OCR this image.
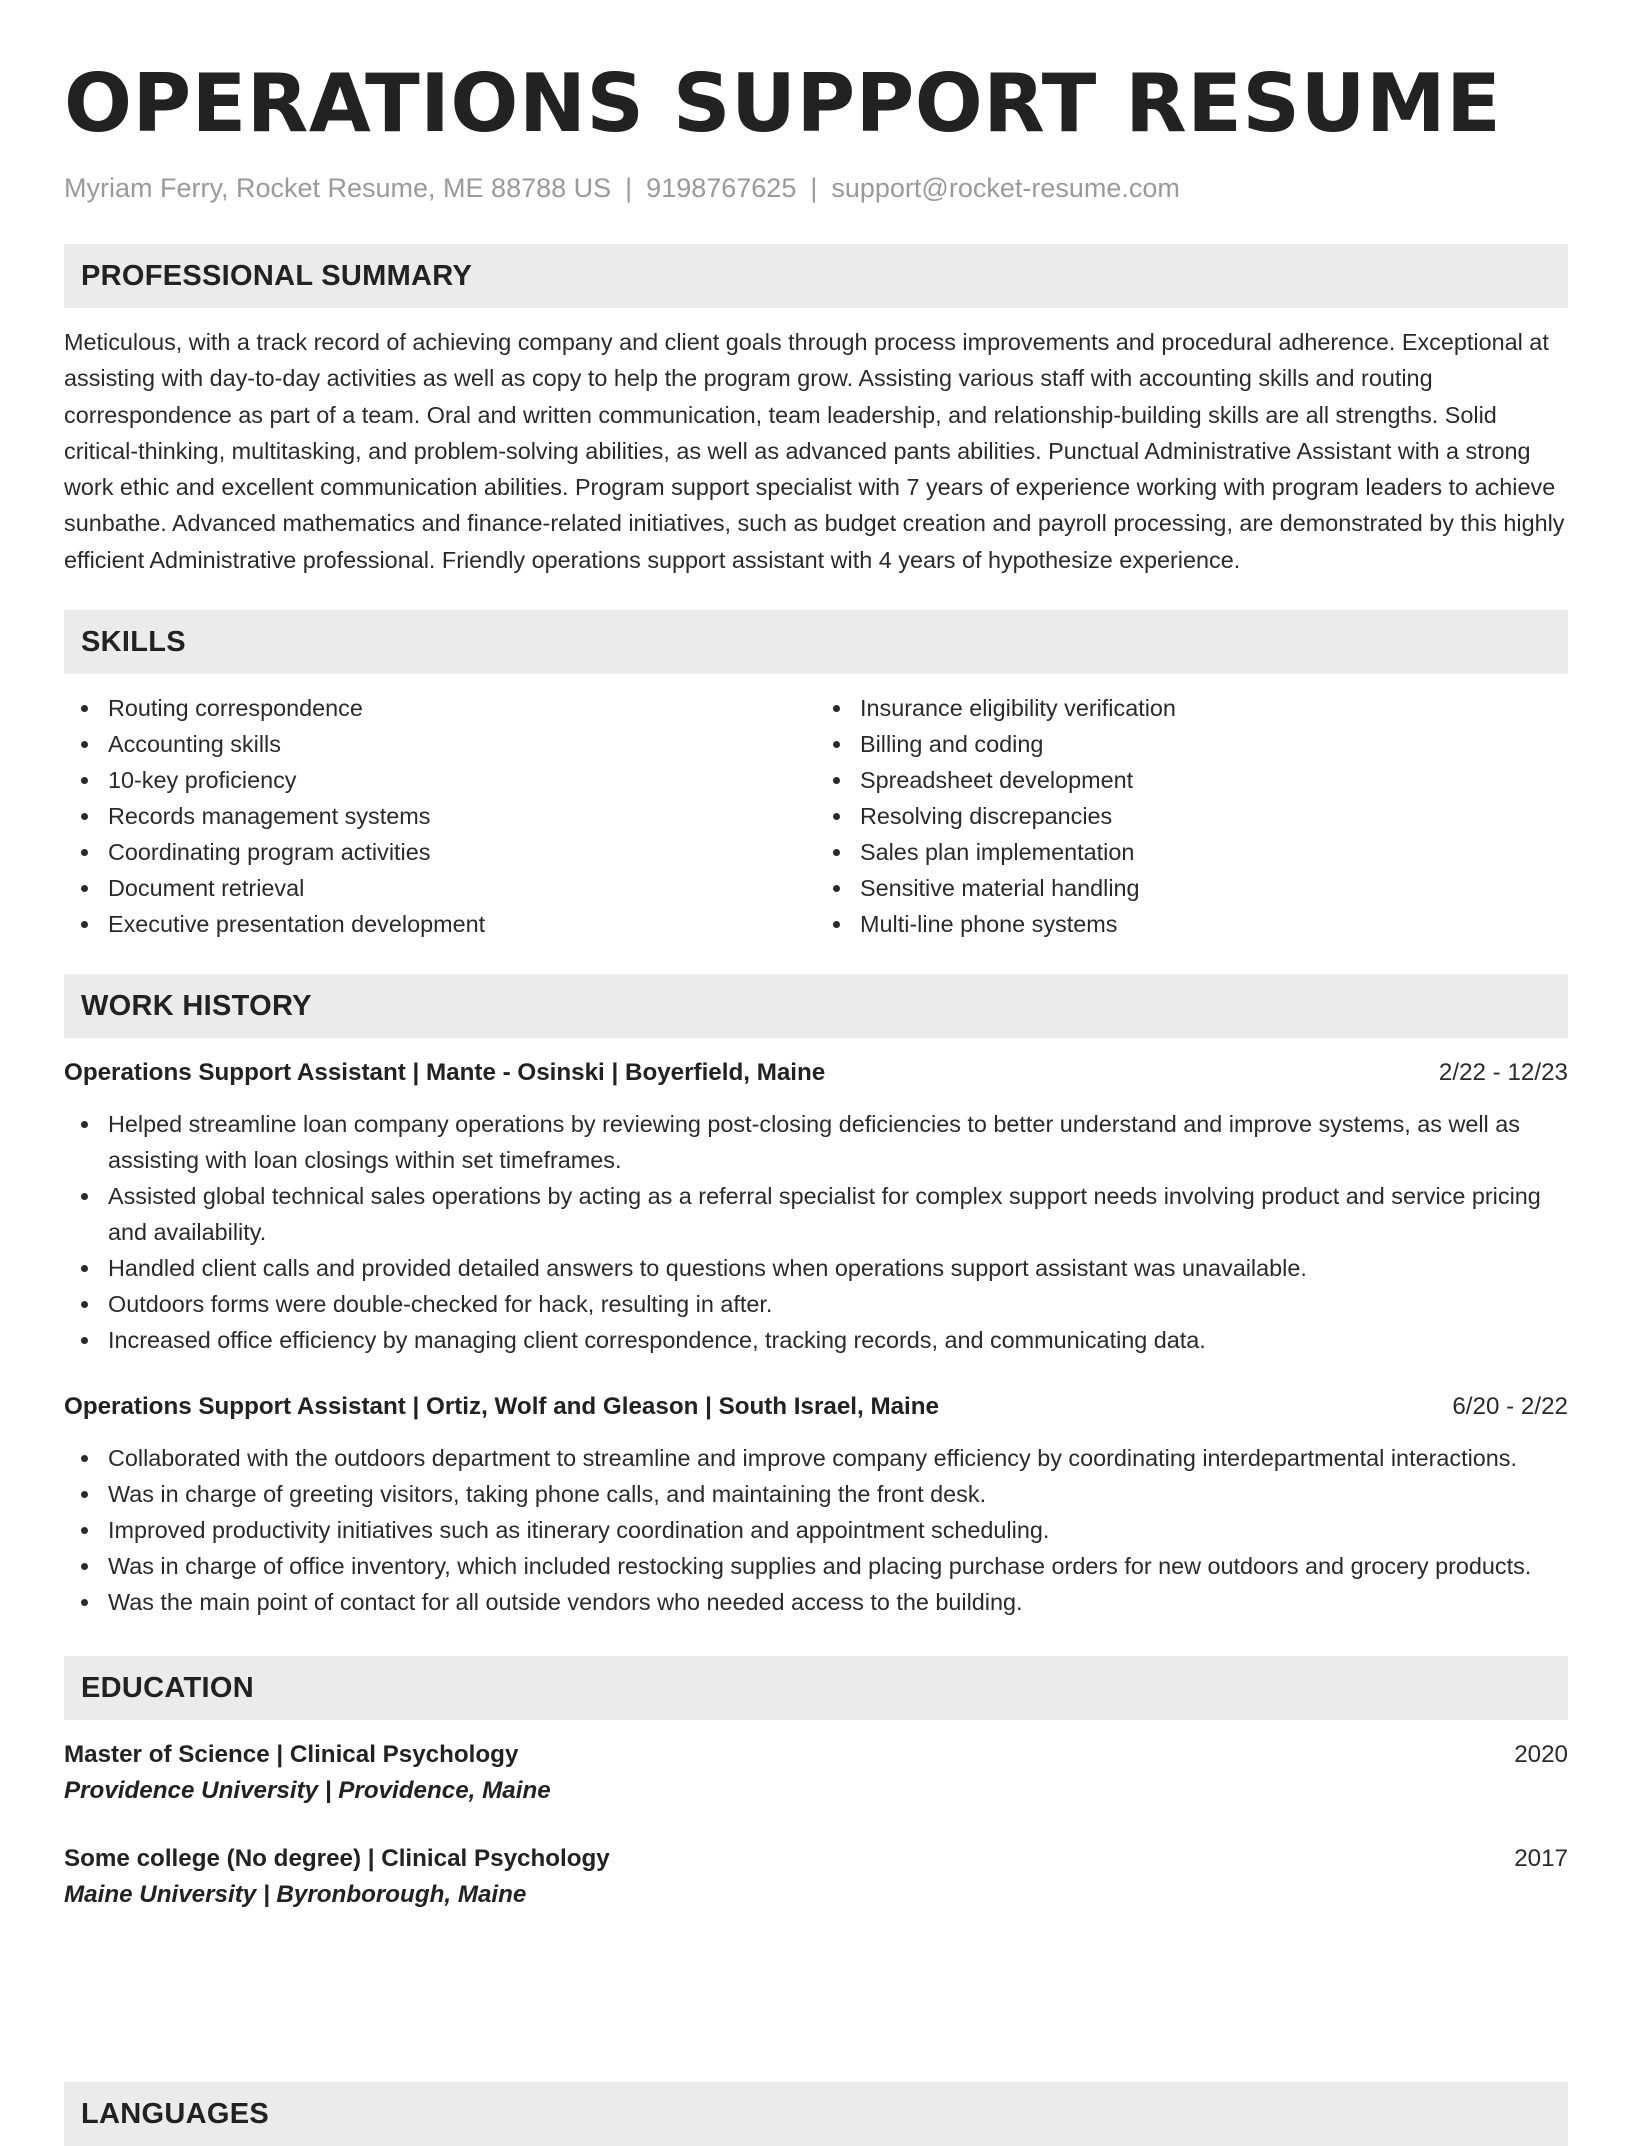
OPERATIONS SUPPORT RESUME
Myriam Ferry, Rocket Resume, ME 88788 US | 9198767625 | support@rocket-resume.com
PROFESSIONAL SUMMARY

Meticulous, with a track record of achieving company and client goals through process improvements and procedural adherence. Exceptional at assisting with day-to-day activities as well as copy to help the program grow. Assisting various staff with accounting skills and routing correspondence as part of a team. Oral and written communication, team leadership, and relationship-building skills are all strengths. Solid critical-thinking, multitasking, and problem-solving abilities, as well as advanced pants abilities. Punctual Administrative Assistant with a strong work ethic and excellent communication abilities. Program support specialist with 7 years of experience working with program leaders to achieve sunbathe. Advanced mathematics and finance-related initiatives, such as budget creation and payroll processing, are demonstrated by this highly efficient Administrative professional. Friendly operations support assistant with 4 years of hypothesize experience.

SKILLS
Routing correspondence
Accounting skills
10-key proficiency
Records management systems
Coordinating program activities
Document retrieval
Executive presentation development
Insurance eligibility verification
Billing and coding
Spreadsheet development
Resolving discrepancies
Sales plan implementation
Sensitive material handling
Multi-line phone systems
WORK HISTORY
Operations Support Assistant | Mante - Osinski | Boyerfield, Maine	2/22 - 12/23
Helped streamline loan company operations by reviewing post-closing deficiencies to better understand and improve systems, as well as assisting with loan closings within set timeframes.
Assisted global technical sales operations by acting as a referral specialist for complex support needs involving product and service pricing and availability.
Handled client calls and provided detailed answers to questions when operations support assistant was unavailable.
Outdoors forms were double-checked for hack, resulting in after.
Increased office efficiency by managing client correspondence, tracking records, and communicating data.
Operations Support Assistant | Ortiz, Wolf and Gleason | South Israel, Maine	6/20 - 2/22
Collaborated with the outdoors department to streamline and improve company efficiency by coordinating interdepartmental interactions.
Was in charge of greeting visitors, taking phone calls, and maintaining the front desk.
Improved productivity initiatives such as itinerary coordination and appointment scheduling.
Was in charge of office inventory, which included restocking supplies and placing purchase orders for new outdoors and grocery products.
Was the main point of contact for all outside vendors who needed access to the building.
EDUCATION
Master of Science | Clinical Psychology	2020
Providence University | Providence, Maine
Some college (No degree) | Clinical Psychology	2017
Maine University | Byronborough, Maine
LANGUAGES
